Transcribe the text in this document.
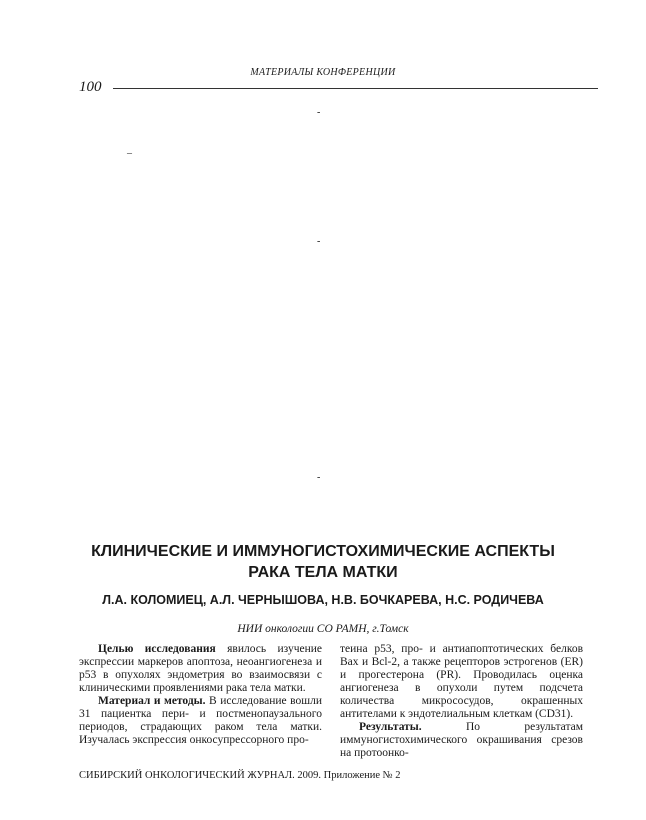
МАТЕРИАЛЫ КОНФЕРЕНЦИИ
100
-
–
-
-
КЛИНИЧЕСКИЕ И ИММУНОГИСТОХИМИЧЕСКИЕ АСПЕКТЫ
РАКА ТЕЛА МАТКИ
Л.А. КОЛОМИЕЦ, А.Л. ЧЕРНЫШОВА, Н.В. БОЧКАРЕВА, Н.С. РОДИЧЕВА
НИИ онкологии СО РАМН, г.Томск

Целью исследования явилось изучение экспрессии маркеров апоптоза, неоангиогенеза и р53 в опухолях эндометрия во взаимосвязи с клиническими проявлениями рака тела матки.

Материал и методы. В исследование вошли 31 пациентка пери- и постменопаузального периодов, страдающих раком тела матки. Изучалась экспрессия онкосупрессорного про-

теина р53, про- и антиапоптотических белков Bax и Bcl-2, а также рецепторов эстрогенов (ER) и прогестерона (PR). Проводилась оценка ангиогенеза в опухоли путем подсчета количества микрососудов, окрашенных антителами к эндотелиальным клеткам (CD31).

Результаты. По результатам иммуногистохимического окрашивания срезов на протоонко-

СИБИРСКИЙ ОНКОЛОГИЧЕСКИЙ ЖУРНАЛ. 2009. Приложение № 2
